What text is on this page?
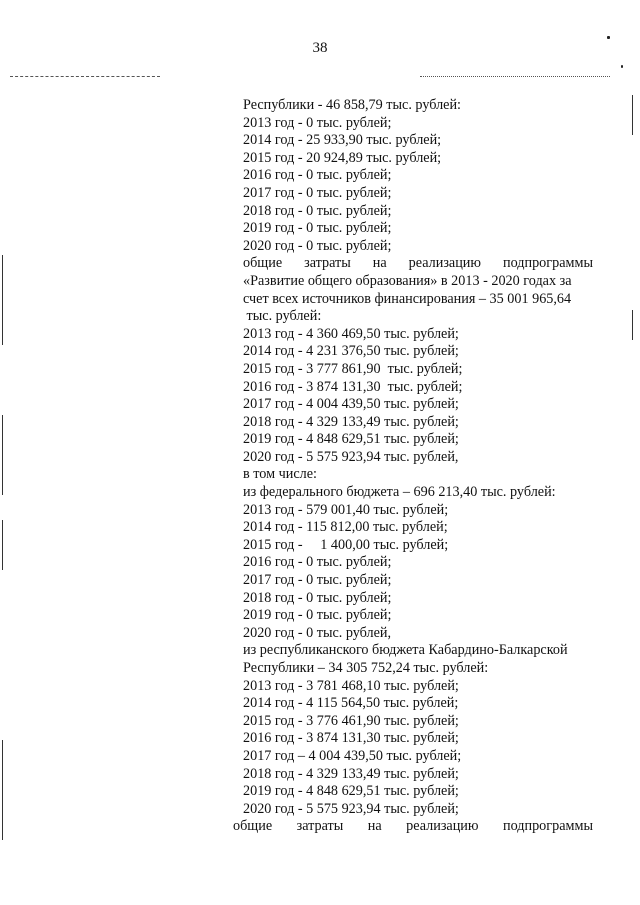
38
Республики - 46 858,79 тыс. рублей:
2013 год - 0 тыс. рублей;
2014 год - 25 933,90 тыс. рублей;
2015 год - 20 924,89 тыс. рублей;
2016 год - 0 тыс. рублей;
2017 год - 0 тыс. рублей;
2018 год - 0 тыс. рублей;
2019 год - 0 тыс. рублей;
2020 год - 0 тыс. рублей;
общие затраты на реализацию подпрограммы
«Развитие общего образования» в 2013 - 2020 годах за
счет всех источников финансирования – 35 001 965,64
тыс. рублей:
2013 год - 4 360 469,50 тыс. рублей;
2014 год - 4 231 376,50 тыс. рублей;
2015 год - 3 777 861,90  тыс. рублей;
2016 год - 3 874 131,30  тыс. рублей;
2017 год - 4 004 439,50 тыс. рублей;
2018 год - 4 329 133,49 тыс. рублей;
2019 год - 4 848 629,51 тыс. рублей;
2020 год - 5 575 923,94 тыс. рублей,
в том числе:
из федерального бюджета – 696 213,40 тыс. рублей:
2013 год - 579 001,40 тыс. рублей;
2014 год - 115 812,00 тыс. рублей;
2015 год -     1 400,00 тыс. рублей;
2016 год - 0 тыс. рублей;
2017 год - 0 тыс. рублей;
2018 год - 0 тыс. рублей;
2019 год - 0 тыс. рублей;
2020 год - 0 тыс. рублей,
из республиканского бюджета Кабардино-Балкарской
Республики – 34 305 752,24 тыс. рублей:
2013 год - 3 781 468,10 тыс. рублей;
2014 год - 4 115 564,50 тыс. рублей;
2015 год - 3 776 461,90 тыс. рублей;
2016 год - 3 874 131,30 тыс. рублей;
2017 год – 4 004 439,50 тыс. рублей;
2018 год - 4 329 133,49 тыс. рублей;
2019 год - 4 848 629,51 тыс. рублей;
2020 год - 5 575 923,94 тыс. рублей;
общие затраты на реализацию подпрограммы
